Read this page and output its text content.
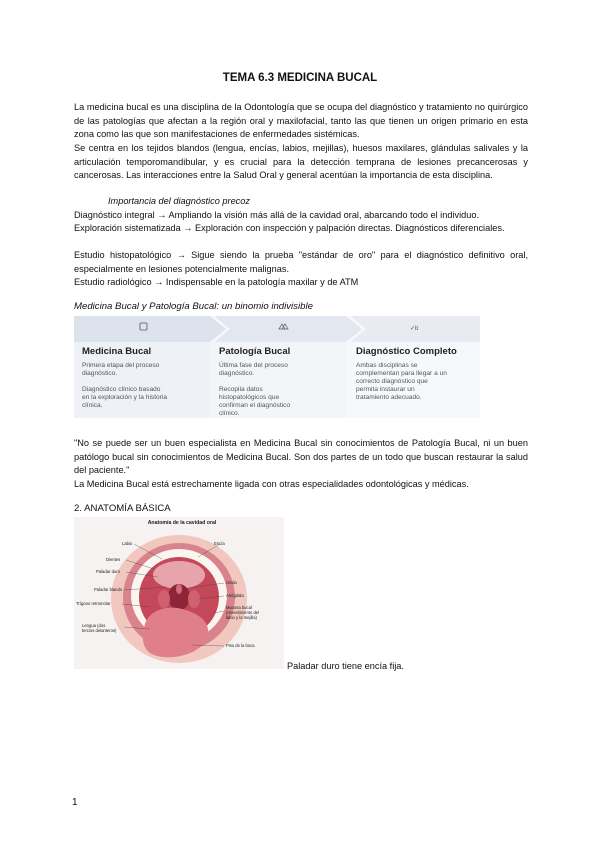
TEMA 6.3 MEDICINA BUCAL
La medicina bucal es una disciplina de la Odontología que se ocupa del diagnóstico y tratamiento no quirúrgico de las patologías que afectan a la región oral y maxilofacial, tanto las que tienen un origen primario en esta zona como las que son manifestaciones de enfermedades sistémicas.
Se centra en los tejidos blandos (lengua, encías, labios, mejillas), huesos maxilares, glándulas salivales y la articulación temporomandibular, y es crucial para la detección temprana de lesiones precancerosas y cancerosas. Las interacciones entre la Salud Oral y general acentúan la importancia de esta disciplina.
Importancia del diagnóstico precoz
Diagnóstico integral → Ampliando la visión más allá de la cavidad oral, abarcando todo el individuo.
Exploración sistematizada → Exploración con inspección y palpación directas. Diagnósticos diferenciales.
Estudio histopatológico → Sigue siendo la prueba "estándar de oro" para el diagnóstico definitivo oral, especialmente en lesiones potencialmente malignas.
Estudio radiológico → Indispensable en la patología maxilar y de ATM
Medicina Bucal y Patología Bucal: un binomio indivisible
✓b
Medicina Bucal
Primera etapa del proceso diagnóstico. Diagnóstico clínico basado en la exploración y la historia clínica.
Patología Bucal
Última fase del proceso diagnóstico. Recopila datos histopatológicos que confirman el diagnóstico clínico.
Diagnóstico Completo
Ambas disciplinas se complementan para llegar a un correcto diagnóstico que permita instaurar un tratamiento adecuado.
"No se puede ser un buen especialista en Medicina Bucal sin conocimientos de Patología Bucal, ni un buen patólogo bucal sin conocimientos de Medicina Bucal. Son dos partes de un todo que buscan restaurar la salud del paciente."
La Medicina Bucal está estrechamente ligada con otras especialidades odontológicas y médicas.
2. ANATOMÍA BÁSICA
Anatomía de la cavidad oral
Labio
Dientes
Paladar duro
Paladar blando
Trígono retromolar
Lengua (dos tercios delanteros)
Encía
Úvula
Amígdala
Mucosa bucal (revestimiento del labio y la mejilla)
Piso de la boca
Paladar duro tiene encía fija.
1
